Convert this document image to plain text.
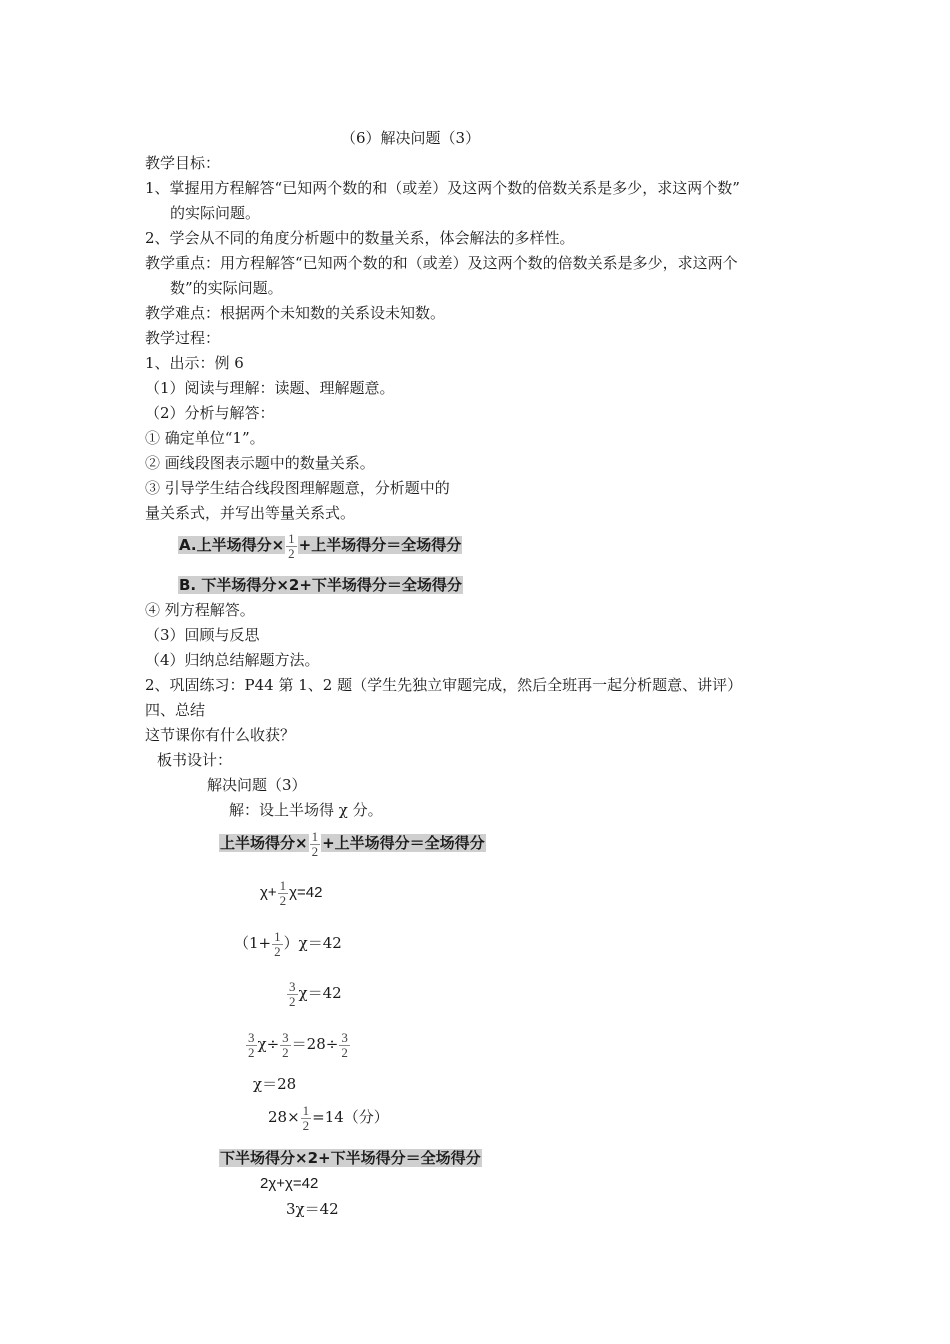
（6）解决问题（3）
教学目标：
1、掌握用方程解答“已知两个数的和（或差）及这两个数的倍数关系是多少，求这两个数”
的实际问题。
2、学会从不同的角度分析题中的数量关系，体会解法的多样性。
教学重点：用方程解答“已知两个数的和（或差）及这两个数的倍数关系是多少，求这两个
数”的实际问题。
教学难点：根据两个未知数的关系设未知数。
教学过程：
1、出示：例 6
（1）阅读与理解：读题、理解题意。
（2）分析与解答：
① 确定单位“1”。
② 画线段图表示题中的数量关系。
③ 引导学生结合线段图理解题意，分析题中的
量关系式，并写出等量关系式。
A.上半场得分× $\frac{1}{2}$ +上半场得分＝全场得分
B. 下半场得分×2+下半场得分＝全场得分
④ 列方程解答。
（3）回顾与反思
（4）归纳总结解题方法。
2、巩固练习：P44 第 1、2 题（学生先独立审题完成，然后全班再一起分析题意、讲评）
四、总结
这节课你有什么收获？
板书设计：
解决问题（3）
解：设上半场得 χ 分。
上半场得分× $\frac{1}{2}$ +上半场得分＝全场得分
$\chi+ \frac{1}{2} \chi=42$
$(1+ \frac{1}{2} )\chi=42$
$\frac{3}{2} \chi=42$
$\frac{3}{2} \chi\div \frac{3}{2} =28\div \frac{3}{2}$
χ＝28
$28\times \frac{1}{2} =14$（分）
下半场得分×2+下半场得分＝全场得分
2χ+χ=42
3χ＝42
